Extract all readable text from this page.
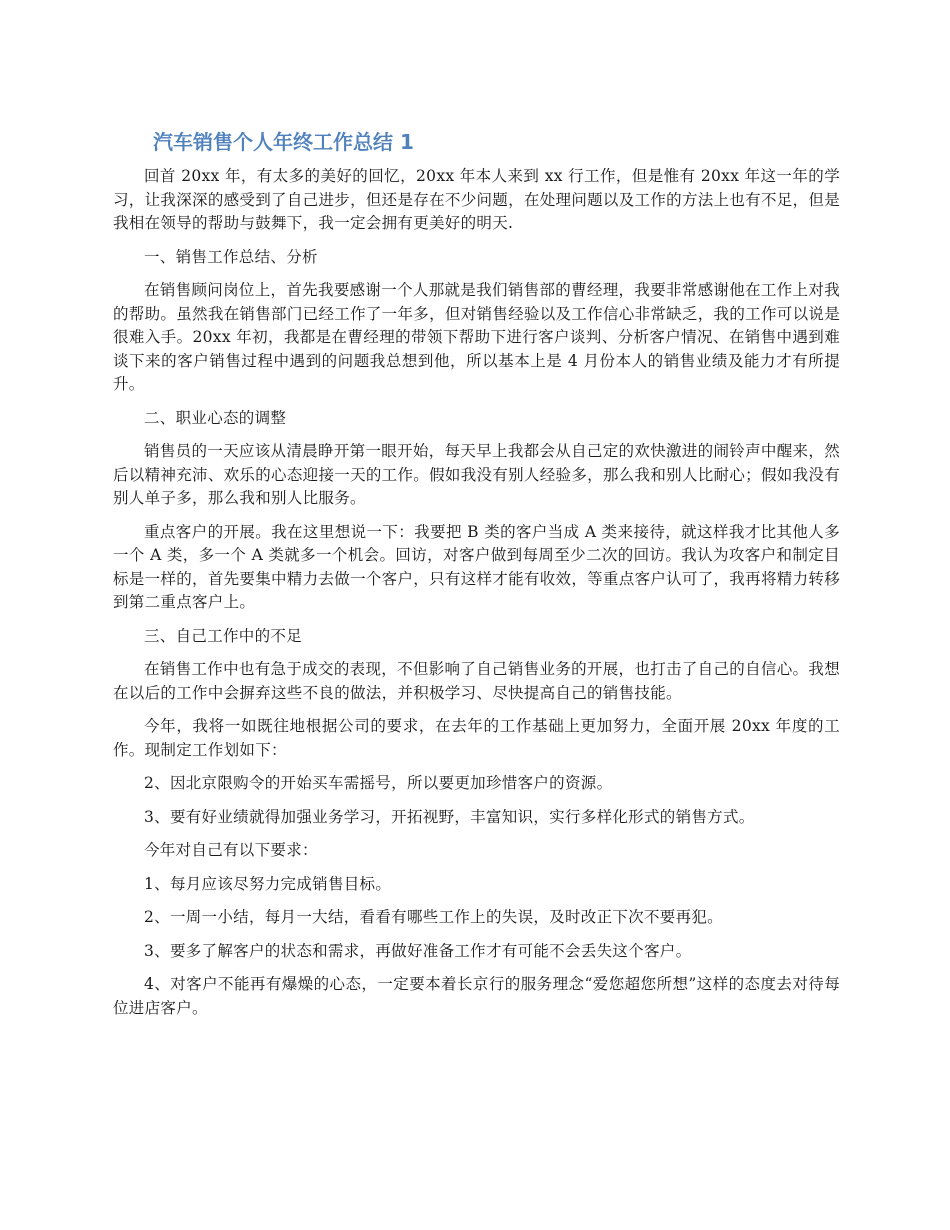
汽车销售个人年终工作总结 1

回首 20xx 年，有太多的美好的回忆，20xx 年本人来到 xx 行工作，但是惟有 20xx 年这一年的学习，让我深深的感受到了自己进步，但还是存在不少问题，在处理问题以及工作的方法上也有不足，但是我相在领导的帮助与鼓舞下，我一定会拥有更美好的明天.

一、销售工作总结、分析

在销售顾问岗位上，首先我要感谢一个人那就是我们销售部的曹经理，我要非常感谢他在工作上对我的帮助。虽然我在销售部门已经工作了一年多，但对销售经验以及工作信心非常缺乏，我的工作可以说是很难入手。20xx 年初，我都是在曹经理的带领下帮助下进行客户谈判、分析客户情况、在销售中遇到难谈下来的客户销售过程中遇到的问题我总想到他，所以基本上是 4 月份本人的销售业绩及能力才有所提升。

二、职业心态的调整

销售员的一天应该从清晨睁开第一眼开始，每天早上我都会从自己定的欢快激进的闹铃声中醒来，然后以精神充沛、欢乐的心态迎接一天的工作。假如我没有别人经验多，那么我和别人比耐心；假如我没有别人单子多，那么我和别人比服务。

重点客户的开展。我在这里想说一下：我要把 B 类的客户当成 A 类来接待，就这样我才比其他人多一个 A 类，多一个 A 类就多一个机会。回访，对客户做到每周至少二次的回访。我认为攻客户和制定目标是一样的，首先要集中精力去做一个客户，只有这样才能有收效，等重点客户认可了，我再将精力转移到第二重点客户上。

三、自己工作中的不足

在销售工作中也有急于成交的表现，不但影响了自己销售业务的开展，也打击了自己的自信心。我想在以后的工作中会摒弃这些不良的做法，并积极学习、尽快提高自己的销售技能。

今年，我将一如既往地根据公司的要求，在去年的工作基础上更加努力，全面开展 20xx 年度的工作。现制定工作划如下：

2、因北京限购令的开始买车需摇号，所以要更加珍惜客户的资源。

3、要有好业绩就得加强业务学习，开拓视野，丰富知识，实行多样化形式的销售方式。

今年对自己有以下要求：

1、每月应该尽努力完成销售目标。

2、一周一小结，每月一大结，看看有哪些工作上的失误，及时改正下次不要再犯。

3、要多了解客户的状态和需求，再做好准备工作才有可能不会丢失这个客户。

4、对客户不能再有爆燥的心态，一定要本着长京行的服务理念“爱您超您所想”这样的态度去对待每位进店客户。
